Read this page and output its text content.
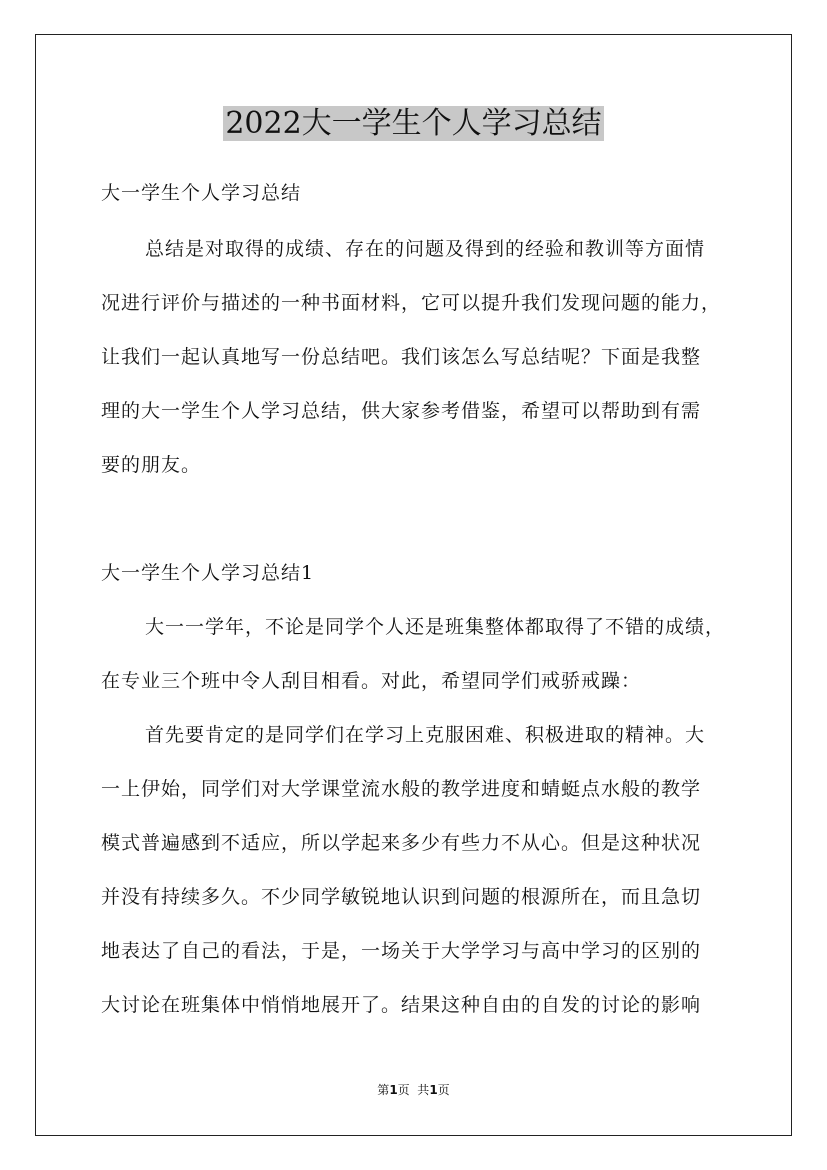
2022大一学生个人学习总结
大一学生个人学习总结
总结是对取得的成绩、存在的问题及得到的经验和教训等方面情
况进行评价与描述的一种书面材料，它可以提升我们发现问题的能力，
让我们一起认真地写一份总结吧。我们该怎么写总结呢？下面是我整
理的大一学生个人学习总结，供大家参考借鉴，希望可以帮助到有需
要的朋友。
大一学生个人学习总结1
大一一学年，不论是同学个人还是班集整体都取得了不错的成绩，
在专业三个班中令人刮目相看。对此，希望同学们戒骄戒躁：
首先要肯定的是同学们在学习上克服困难、积极进取的精神。大
一上伊始，同学们对大学课堂流水般的教学进度和蜻蜓点水般的教学
模式普遍感到不适应，所以学起来多少有些力不从心。但是这种状况
并没有持续多久。不少同学敏锐地认识到问题的根源所在，而且急切
地表达了自己的看法，于是，一场关于大学学习与高中学习的区别的
大讨论在班集体中悄悄地展开了。结果这种自由的自发的讨论的影响
第1页  共1页
